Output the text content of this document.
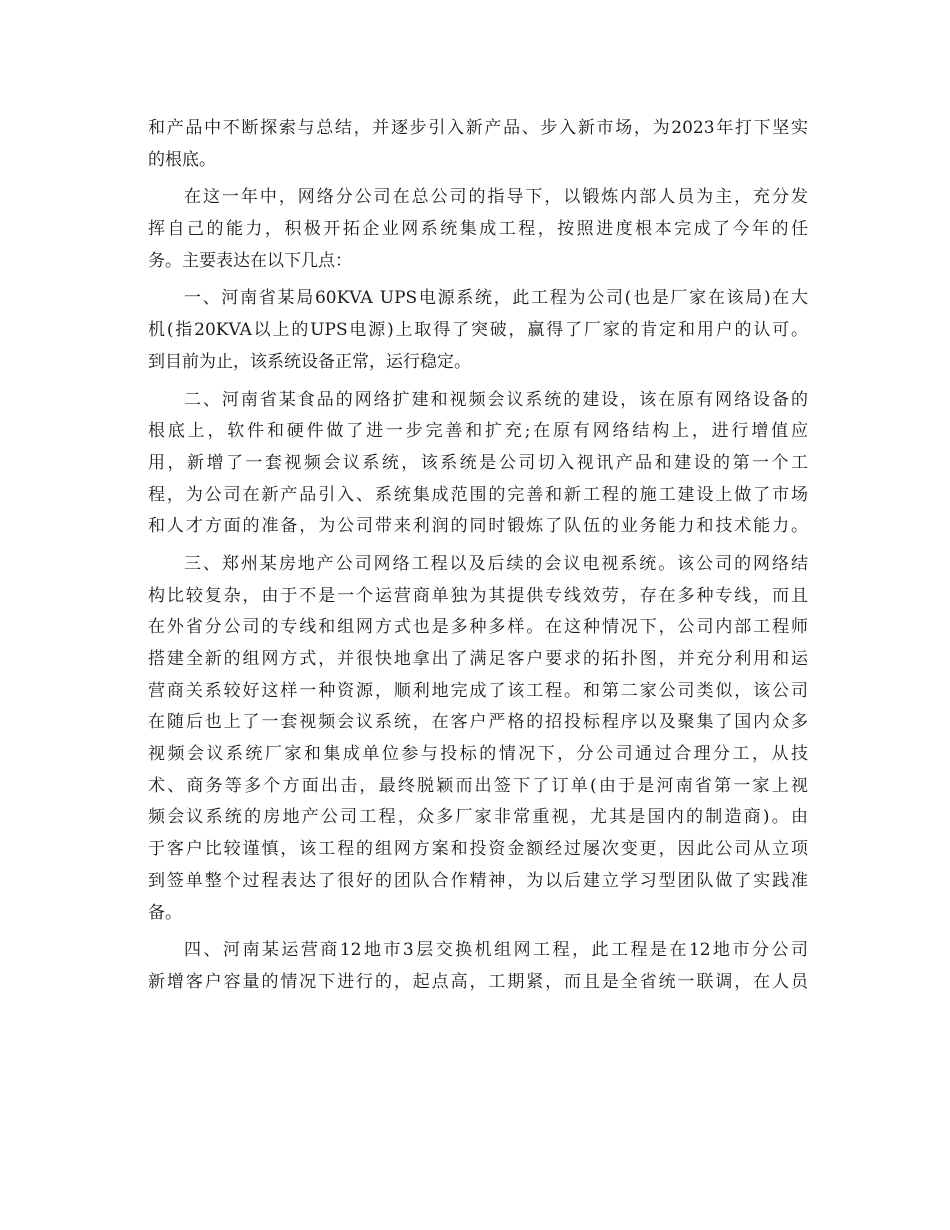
和产品中不断探索与总结，并逐步引入新产品、步入新市场，为2023年打下坚实
的根底。
在这一年中，网络分公司在总公司的指导下，以锻炼内部人员为主，充分发
挥自己的能力，积极开拓企业网系统集成工程，按照进度根本完成了今年的任
务。主要表达在以下几点：
一、河南省某局60KVA UPS电源系统，此工程为公司(也是厂家在该局)在大
机(指20KVA以上的UPS电源)上取得了突破，赢得了厂家的肯定和用户的认可。
到目前为止，该系统设备正常，运行稳定。
二、河南省某食品的网络扩建和视频会议系统的建设，该在原有网络设备的
根底上，软件和硬件做了进一步完善和扩充;在原有网络结构上，进行增值应
用，新增了一套视频会议系统，该系统是公司切入视讯产品和建设的第一个工
程，为公司在新产品引入、系统集成范围的完善和新工程的施工建设上做了市场
和人才方面的准备，为公司带来利润的同时锻炼了队伍的业务能力和技术能力。
三、郑州某房地产公司网络工程以及后续的会议电视系统。该公司的网络结
构比较复杂，由于不是一个运营商单独为其提供专线效劳，存在多种专线，而且
在外省分公司的专线和组网方式也是多种多样。在这种情况下，公司内部工程师
搭建全新的组网方式，并很快地拿出了满足客户要求的拓扑图，并充分利用和运
营商关系较好这样一种资源，顺利地完成了该工程。和第二家公司类似，该公司
在随后也上了一套视频会议系统，在客户严格的招投标程序以及聚集了国内众多
视频会议系统厂家和集成单位参与投标的情况下，分公司通过合理分工，从技
术、商务等多个方面出击，最终脱颖而出签下了订单(由于是河南省第一家上视
频会议系统的房地产公司工程，众多厂家非常重视，尤其是国内的制造商)。由
于客户比较谨慎，该工程的组网方案和投资金额经过屡次变更，因此公司从立项
到签单整个过程表达了很好的团队合作精神，为以后建立学习型团队做了实践准
备。
四、河南某运营商12地市3层交换机组网工程，此工程是在12地市分公司
新增客户容量的情况下进行的，起点高，工期紧，而且是全省统一联调，在人员
